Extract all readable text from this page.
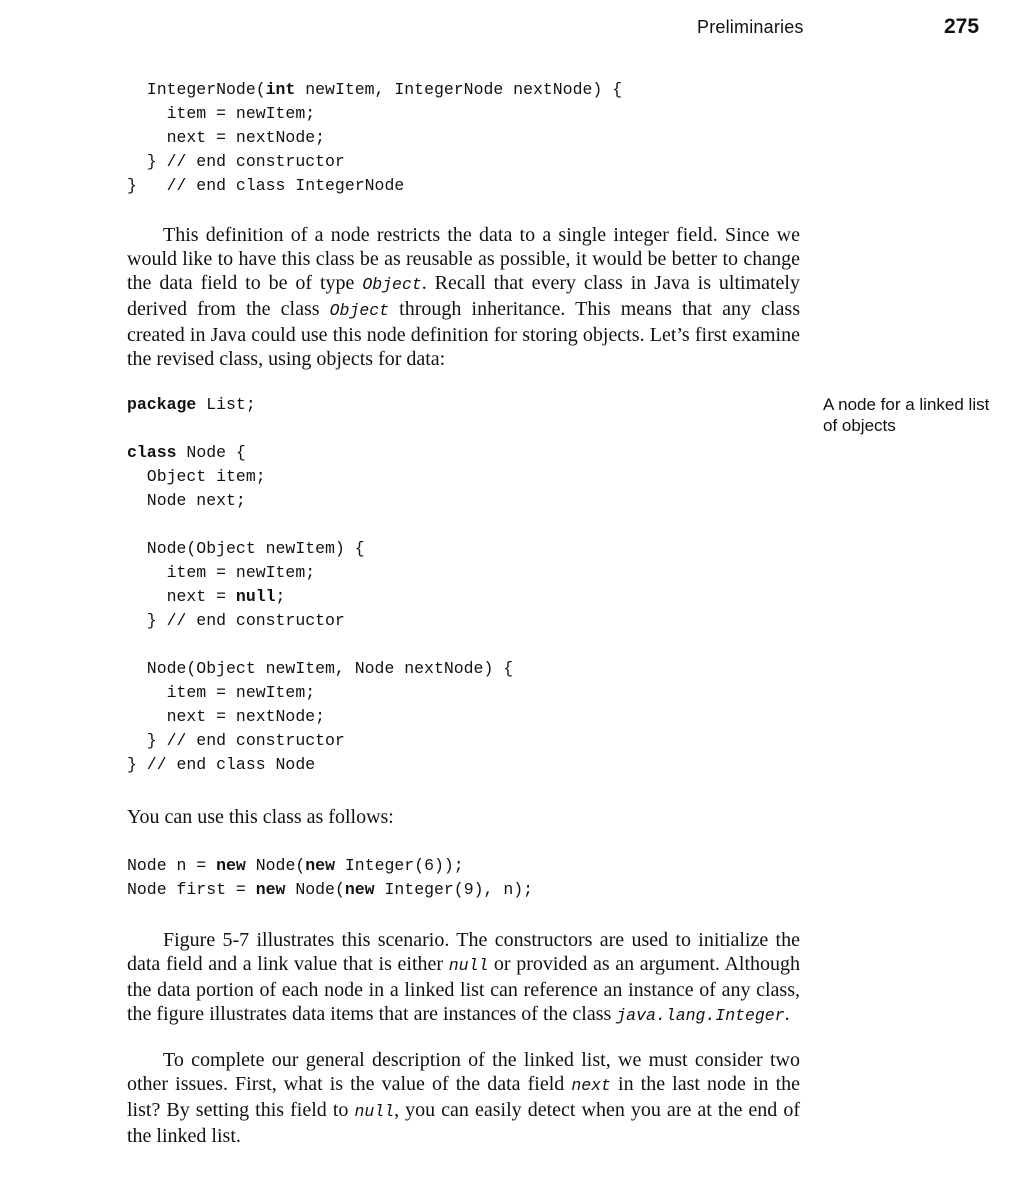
Preliminaries	275
IntegerNode(int newItem, IntegerNode nextNode) {
item = newItem;
next = nextNode;
} // end constructor
}   // end class IntegerNode

This definition of a node restricts the data to a single integer field. Since we would like to have this class be as reusable as possible, it would be better to change the data field to be of type Object. Recall that every class in Java is ultimately derived from the class Object through inheritance. This means that any class created in Java could use this node definition for storing objects. Let’s first examine the revised class, using objects for data:

A node for a linked list of objects
package List;
class Node {
Object item;
Node next;
Node(Object newItem) {
item = newItem;
next = null;
} // end constructor
Node(Object newItem, Node nextNode) {
item = newItem;
next = nextNode;
} // end constructor
} // end class Node

You can use this class as follows:

Node n = new Node(new Integer(6));
Node first = new Node(new Integer(9), n);

Figure 5-7 illustrates this scenario. The constructors are used to initialize the data field and a link value that is either null or provided as an argument. Although the data portion of each node in a linked list can reference an instance of any class, the figure illustrates data items that are instances of the class java.lang.Integer.

To complete our general description of the linked list, we must consider two other issues. First, what is the value of the data field next in the last node in the list? By setting this field to null, you can easily detect when you are at the end of the linked list.
